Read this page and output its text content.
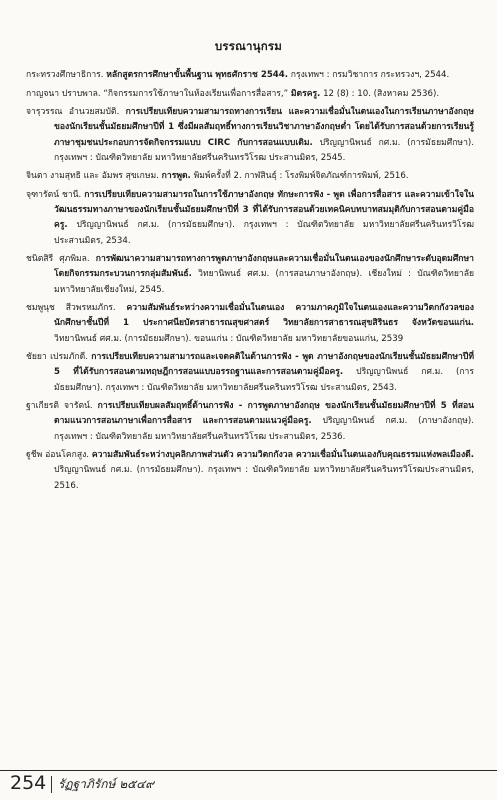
บรรณานุกรม
กระทรวงศึกษาธิการ. หลักสูตรการศึกษาขั้นพื้นฐาน พุทธศักราช 2544. กรุงเทพฯ : กรมวิชาการ กระทรวงฯ, 2544.
กาญจนา ปราบพาล. “กิจกรรมการใช้ภาษาในห้องเรียนเพื่อการสื่อสาร,” มิตรครู. 12 (8) : 10. (สิงหาคม 2536).
จารุวรรณ อำนวยสมบัติ. การเปรียบเทียบความสามารถทางการเรียน และความเชื่อมั่นในตนเองในการเรียนภาษาอังกฤษ ของนักเรียนชั้นมัธยมศึกษาปีที่ 1 ซึ่งมีผลสัมฤทธิ์ทางการเรียนวิชาภาษาอังกฤษต่ำ โดยได้รับการสอนด้วยการเรียนรู้ภาษาชุมชนประกอบการจัดกิจกรรมแบบ CIRC กับการสอนแบบเดิม. ปริญญานิพนธ์ กศ.ม. (การมัธยมศึกษา). กรุงเทพฯ : บัณฑิตวิทยาลัย มหาวิทยาลัยศรีนครินทรวิโรฒ ประสานมิตร, 2545.
จินตา งามสุทธิ และ อัมพร สุขเกษม. การพูด. พิมพ์ครั้งที่ 2. กาฬสินธุ์ : โรงพิมพ์จิตภัณฑ์การพิมพ์, 2516.
จุฑารัตน์ ชานี. การเปรียบเทียบความสามารถในการใช้ภาษาอังกฤษ ทักษะการฟัง - พูด เพื่อการสื่อสาร และความเข้าใจในวัฒนธรรมทางภาษาของนักเรียนชั้นมัธยมศึกษาปีที่ 3 ที่ได้รับการสอนด้วยเทคนิคบทบาทสมมุติกับการสอนตามคู่มือครู. ปริญญานิพนธ์ กศ.ม. (การมัธยมศึกษา). กรุงเทพฯ : บัณฑิตวิทยาลัย มหาวิทยาลัยศรีนครินทรวิโรฒ ประสานมิตร, 2534.
ชนิตสิรี ศุภพิมล. การพัฒนาความสามารถทางการพูดภาษาอังกฤษและความเชื่อมั่นในตนเองของนักศึกษาระดับอุดมศึกษาโดยกิจกรรมกระบวนการกลุ่มสัมพันธ์. วิทยานิพนธ์ ศศ.ม. (การสอนภาษาอังกฤษ). เชียงใหม่ : บัณฑิตวิทยาลัย มหาวิทยาลัยเชียงใหม่, 2545.
ชมพูนุช สีวพรหมภักร. ความสัมพันธ์ระหว่างความเชื่อมั่นในตนเอง ความภาคภูมิใจในตนเองและความวิตกกังวลของนักศึกษาชั้นปีที่ 1 ประกาศนียบัตรสาธารณสุขศาสตร์ วิทยาลัยการสาธารณสุขสิรินธร จังหวัดขอนแก่น. วิทยานิพนธ์ ศศ.ม. (การมัธยมศึกษา). ขอนแก่น : บัณฑิตวิทยาลัย มหาวิทยาลัยขอนแก่น, 2539
ชัยยา เปรมภักดี. การเปรียบเทียบความสามารถและเจตคติในด้านการฟัง - พูด ภาษาอังกฤษของนักเรียนชั้นมัธยมศึกษาปีที่ 5 ที่ได้รับการสอนตามทฤษฎีการสอนแบบอรรถฐานและการสอนตามคู่มือครู. ปริญญานิพนธ์ กศ.ม. (การมัธยมศึกษา). กรุงเทพฯ : บัณฑิตวิทยาลัย มหาวิทยาลัยศรีนครินทรวิโรฒ ประสานมิตร, 2543.
ฐาเกียรติ จารัตน์. การเปรียบเทียบผลสัมฤทธิ์ด้านการฟัง - การพูดภาษาอังกฤษ ของนักเรียนชั้นมัธยมศึกษาปีที่ 5 ที่สอนตามแนวการสอนภาษาเพื่อการสื่อสาร และการสอนตามแนวคู่มือครู. ปริญญานิพนธ์ กศ.ม. (ภาษาอังกฤษ). กรุงเทพฯ : บัณฑิตวิทยาลัย มหาวิทยาลัยศรีนครินทรวิโรฒ ประสานมิตร, 2536.
ฐูชีพ อ่อนโคกสูง. ความสัมพันธ์ระหว่างบุคลิกภาพส่วนตัว ความวิตกกังวล ความเชื่อมั่นในตนเองกับคุณธรรมแห่งพลเมืองดี. ปริญญานิพนธ์ กศ.ม. (การมัธยมศึกษา). กรุงเทพฯ : บัณฑิตวิทยาลัย มหาวิทยาลัยศรีนครินทรวิโรฒประสานมิตร, 2516.
254 รัฏฐาภิรักษ์ ๒๕๔๙
